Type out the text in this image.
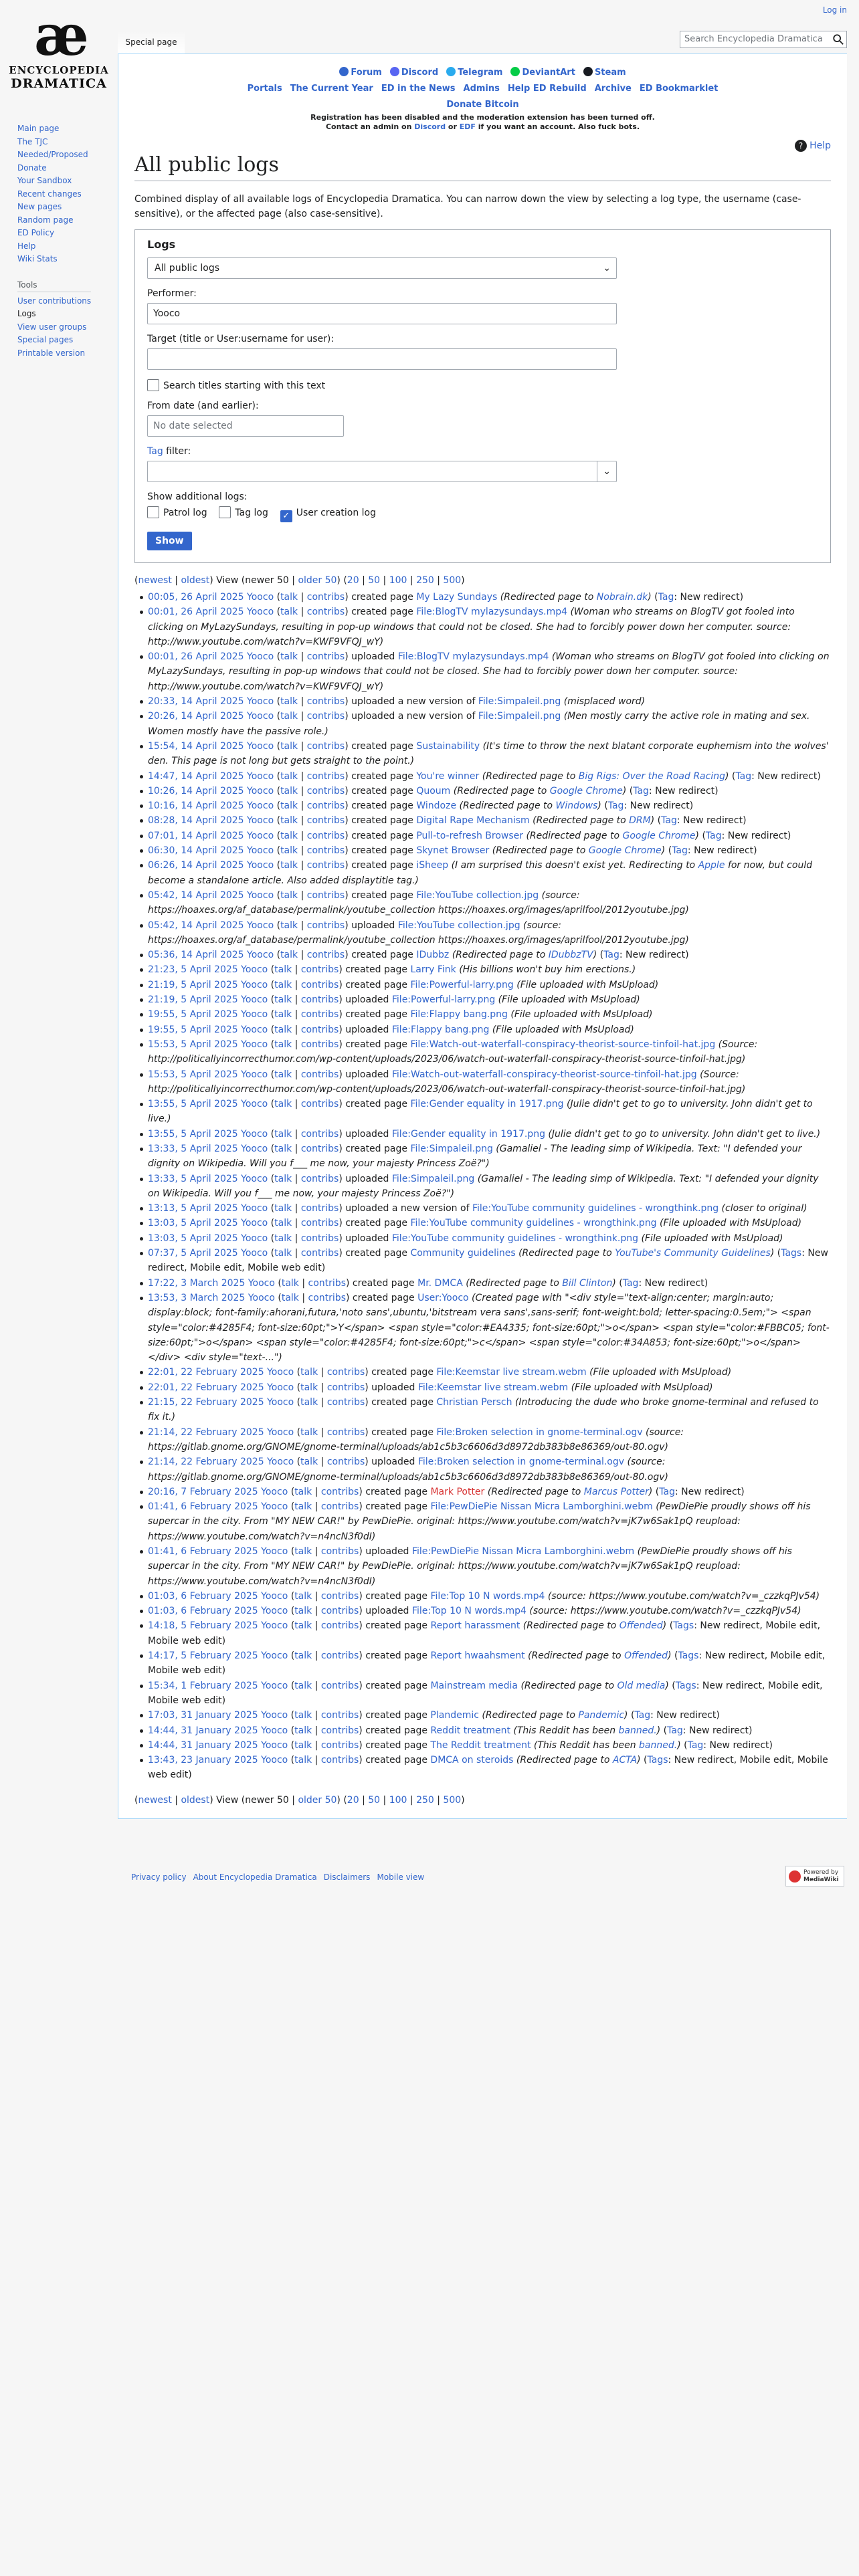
Log in
æ
ENCYCLOPEDIA
DRAMATICA
Special page	Search Encyclopedia Dramatica
Main page
The TJC
Needed/Proposed
Donate
Your Sandbox
Recent changes
New pages
Random page
ED Policy
Help
Wiki Stats
Tools
User contributions
Logs
View user groups
Special pages
Printable version
Forum Discord Telegram DeviantArt Steam
Portals The Current Year ED in the News Admins Help ED Rebuild Archive ED Bookmarklet
Donate Bitcoin
Registration has been disabled and the moderation extension has been turned off.
Contact an admin on Discord or EDF if you want an account. Also fuck bots.
? Help
All public logs
Combined display of all available logs of Encyclopedia Dramatica. You can narrow down the view by selecting a log type, the username (case-sensitive), or the affected page (also case-sensitive).
Logs
All public logs	⌄
Performer:
Yooco
Target (title or User:username for user):
Search titles starting with this text
From date (and earlier):
No date selected
Tag filter:
⌄
Show additional logs:
Patrol log	Tag log ✓ User creation log
Show
(newest | oldest) View (newer 50 | older 50) (20 | 50 | 100 | 250 | 500)
00:05, 26 April 2025 Yooco (talk | contribs) created page My Lazy Sundays (Redirected page to Nobrain.dk) (Tag: New redirect)
00:01, 26 April 2025 Yooco (talk | contribs) created page File:BlogTV mylazysundays.mp4 (Woman who streams on BlogTV got fooled into clicking on MyLazySundays, resulting in pop-up windows that could not be closed. She had to forcibly power down her computer. source: http://www.youtube.com/watch?v=KWF9VFQJ_wY)
00:01, 26 April 2025 Yooco (talk | contribs) uploaded File:BlogTV mylazysundays.mp4 (Woman who streams on BlogTV got fooled into clicking on MyLazySundays, resulting in pop-up windows that could not be closed. She had to forcibly power down her computer. source: http://www.youtube.com/watch?v=KWF9VFQJ_wY)
20:33, 14 April 2025 Yooco (talk | contribs) uploaded a new version of File:Simpaleil.png (misplaced word)
20:26, 14 April 2025 Yooco (talk | contribs) uploaded a new version of File:Simpaleil.png (Men mostly carry the active role in mating and sex. Women mostly have the passive role.)
15:54, 14 April 2025 Yooco (talk | contribs) created page Sustainability (It's time to throw the next blatant corporate euphemism into the wolves' den. This page is not long but gets straight to the point.)
14:47, 14 April 2025 Yooco (talk | contribs) created page You're winner (Redirected page to Big Rigs: Over the Road Racing) (Tag: New redirect)
10:26, 14 April 2025 Yooco (talk | contribs) created page Quoum (Redirected page to Google Chrome) (Tag: New redirect)
10:16, 14 April 2025 Yooco (talk | contribs) created page Windoze (Redirected page to Windows) (Tag: New redirect)
08:28, 14 April 2025 Yooco (talk | contribs) created page Digital Rape Mechanism (Redirected page to DRM) (Tag: New redirect)
07:01, 14 April 2025 Yooco (talk | contribs) created page Pull-to-refresh Browser (Redirected page to Google Chrome) (Tag: New redirect)
06:30, 14 April 2025 Yooco (talk | contribs) created page Skynet Browser (Redirected page to Google Chrome) (Tag: New redirect)
06:26, 14 April 2025 Yooco (talk | contribs) created page iSheep (I am surprised this doesn't exist yet. Redirecting to Apple for now, but could become a standalone article. Also added displaytitle tag.)
05:42, 14 April 2025 Yooco (talk | contribs) created page File:YouTube collection.jpg (source: https://hoaxes.org/af_database/permalink/youtube_collection https://hoaxes.org/images/aprilfool/2012youtube.jpg)
05:42, 14 April 2025 Yooco (talk | contribs) uploaded File:YouTube collection.jpg (source: https://hoaxes.org/af_database/permalink/youtube_collection https://hoaxes.org/images/aprilfool/2012youtube.jpg)
05:36, 14 April 2025 Yooco (talk | contribs) created page IDubbz (Redirected page to IDubbzTV) (Tag: New redirect)
21:23, 5 April 2025 Yooco (talk | contribs) created page Larry Fink (His billions won't buy him erections.)
21:19, 5 April 2025 Yooco (talk | contribs) created page File:Powerful-larry.png (File uploaded with MsUpload)
21:19, 5 April 2025 Yooco (talk | contribs) uploaded File:Powerful-larry.png (File uploaded with MsUpload)
19:55, 5 April 2025 Yooco (talk | contribs) created page File:Flappy bang.png (File uploaded with MsUpload)
19:55, 5 April 2025 Yooco (talk | contribs) uploaded File:Flappy bang.png (File uploaded with MsUpload)
15:53, 5 April 2025 Yooco (talk | contribs) created page File:Watch-out-waterfall-conspiracy-theorist-source-tinfoil-hat.jpg (Source: http://politicallyincorrecthumor.com/wp-content/uploads/2023/06/watch-out-waterfall-conspiracy-theorist-source-tinfoil-hat.jpg)
15:53, 5 April 2025 Yooco (talk | contribs) uploaded File:Watch-out-waterfall-conspiracy-theorist-source-tinfoil-hat.jpg (Source: http://politicallyincorrecthumor.com/wp-content/uploads/2023/06/watch-out-waterfall-conspiracy-theorist-source-tinfoil-hat.jpg)
13:55, 5 April 2025 Yooco (talk | contribs) created page File:Gender equality in 1917.png (Julie didn't get to go to university. John didn't get to live.)
13:55, 5 April 2025 Yooco (talk | contribs) uploaded File:Gender equality in 1917.png (Julie didn't get to go to university. John didn't get to live.)
13:33, 5 April 2025 Yooco (talk | contribs) created page File:Simpaleil.png (Gamaliel - The leading simp of Wikipedia. Text: "I defended your dignity on Wikipedia. Will you f___ me now, your majesty Princess Zoë?")
13:33, 5 April 2025 Yooco (talk | contribs) uploaded File:Simpaleil.png (Gamaliel - The leading simp of Wikipedia. Text: "I defended your dignity on Wikipedia. Will you f___ me now, your majesty Princess Zoë?")
13:13, 5 April 2025 Yooco (talk | contribs) uploaded a new version of File:YouTube community guidelines - wrongthink.png (closer to original)
13:03, 5 April 2025 Yooco (talk | contribs) created page File:YouTube community guidelines - wrongthink.png (File uploaded with MsUpload)
13:03, 5 April 2025 Yooco (talk | contribs) uploaded File:YouTube community guidelines - wrongthink.png (File uploaded with MsUpload)
07:37, 5 April 2025 Yooco (talk | contribs) created page Community guidelines (Redirected page to YouTube's Community Guidelines) (Tags: New redirect, Mobile edit, Mobile web edit)
17:22, 3 March 2025 Yooco (talk | contribs) created page Mr. DMCA (Redirected page to Bill Clinton) (Tag: New redirect)
13:53, 3 March 2025 Yooco (talk | contribs) created page User:Yooco (Created page with "<div style="text-align:center; margin:auto; display:block; font-family:ahorani,futura,'noto sans',ubuntu,'bitstream vera sans',sans-serif; font-weight:bold; letter-spacing:0.5em;"> <span style="color:#4285F4; font-size:60pt;">Y</span> <span style="color:#EA4335; font-size:60pt;">o</span> <span style="color:#FBBC05; font-size:60pt;">o</span> <span style="color:#4285F4; font-size:60pt;">c</span> <span style="color:#34A853; font-size:60pt;">o</span> </div> <div style="text-...")
22:01, 22 February 2025 Yooco (talk | contribs) created page File:Keemstar live stream.webm (File uploaded with MsUpload)
22:01, 22 February 2025 Yooco (talk | contribs) uploaded File:Keemstar live stream.webm (File uploaded with MsUpload)
21:15, 22 February 2025 Yooco (talk | contribs) created page Christian Persch (Introducing the dude who broke gnome-terminal and refused to fix it.)
21:14, 22 February 2025 Yooco (talk | contribs) created page File:Broken selection in gnome-terminal.ogv (source: https://gitlab.gnome.org/GNOME/gnome-terminal/uploads/ab1c5b3c6606d3d8972db383b8e86369/out-80.ogv)
21:14, 22 February 2025 Yooco (talk | contribs) uploaded File:Broken selection in gnome-terminal.ogv (source: https://gitlab.gnome.org/GNOME/gnome-terminal/uploads/ab1c5b3c6606d3d8972db383b8e86369/out-80.ogv)
20:16, 7 February 2025 Yooco (talk | contribs) created page Mark Potter (Redirected page to Marcus Potter) (Tag: New redirect)
01:41, 6 February 2025 Yooco (talk | contribs) created page File:PewDiePie Nissan Micra Lamborghini.webm (PewDiePie proudly shows off his supercar in the city. From "MY NEW CAR!" by PewDiePie. original: https://www.youtube.com/watch?v=jK7w6Sak1pQ reupload: https://www.youtube.com/watch?v=n4ncN3f0dI)
01:41, 6 February 2025 Yooco (talk | contribs) uploaded File:PewDiePie Nissan Micra Lamborghini.webm (PewDiePie proudly shows off his supercar in the city. From "MY NEW CAR!" by PewDiePie. original: https://www.youtube.com/watch?v=jK7w6Sak1pQ reupload: https://www.youtube.com/watch?v=n4ncN3f0dI)
01:03, 6 February 2025 Yooco (talk | contribs) created page File:Top 10 N words.mp4 (source: https://www.youtube.com/watch?v=_czzkqPJv54)
01:03, 6 February 2025 Yooco (talk | contribs) uploaded File:Top 10 N words.mp4 (source: https://www.youtube.com/watch?v=_czzkqPJv54)
14:18, 5 February 2025 Yooco (talk | contribs) created page Report harassment (Redirected page to Offended) (Tags: New redirect, Mobile edit, Mobile web edit)
14:17, 5 February 2025 Yooco (talk | contribs) created page Report hwaahsment (Redirected page to Offended) (Tags: New redirect, Mobile edit, Mobile web edit)
15:34, 1 February 2025 Yooco (talk | contribs) created page Mainstream media (Redirected page to Old media) (Tags: New redirect, Mobile edit, Mobile web edit)
17:03, 31 January 2025 Yooco (talk | contribs) created page Plandemic (Redirected page to Pandemic) (Tag: New redirect)
14:44, 31 January 2025 Yooco (talk | contribs) created page Reddit treatment (This Reddit has been banned.) (Tag: New redirect)
14:44, 31 January 2025 Yooco (talk | contribs) created page The Reddit treatment (This Reddit has been banned.) (Tag: New redirect)
13:43, 23 January 2025 Yooco (talk | contribs) created page DMCA on steroids (Redirected page to ACTA) (Tags: New redirect, Mobile edit, Mobile web edit)
(newest | oldest) View (newer 50 | older 50) (20 | 50 | 100 | 250 | 500)
Privacy policy About Encyclopedia Dramatica Disclaimers Mobile view	Powered by
MediaWiki
